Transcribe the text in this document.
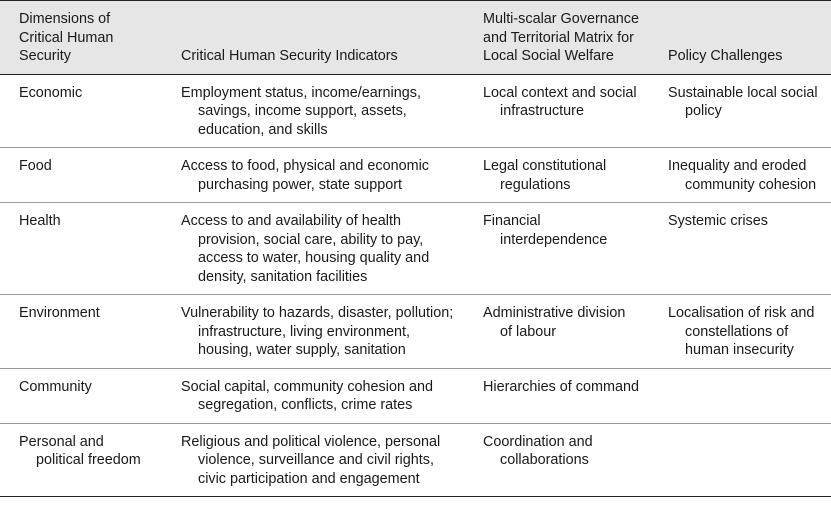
Dimensions of Critical Human Security	Critical Human Security Indicators	Multi-scalar Governance and Territorial Matrix for Local Social Welfare	Policy Challenges

Economic	Employment status, income/earnings, savings, income support, assets, education, and skills	Local context and social infrastructure	Sustainable local social policy

Food	Access to food, physical and economic purchasing power, state support	Legal constitutional regulations	Inequality and eroded community cohesion

Health	Access to and availability of health provision, social care, ability to pay, access to water, housing quality and density, sanitation facilities	Financial interdependence	Systemic crises

Environment	Vulnerability to hazards, disaster, pollution; infrastructure, living environment, housing, water supply, sanitation	Administrative division of labour	Localisation of risk and constellations of human insecurity

Community	Social capital, community cohesion and segregation, conflicts, crime rates	Hierarchies of command	

Personal and political freedom	Religious and political violence, personal violence, surveillance and civil rights, civic participation and engagement	Coordination and collaborations	
